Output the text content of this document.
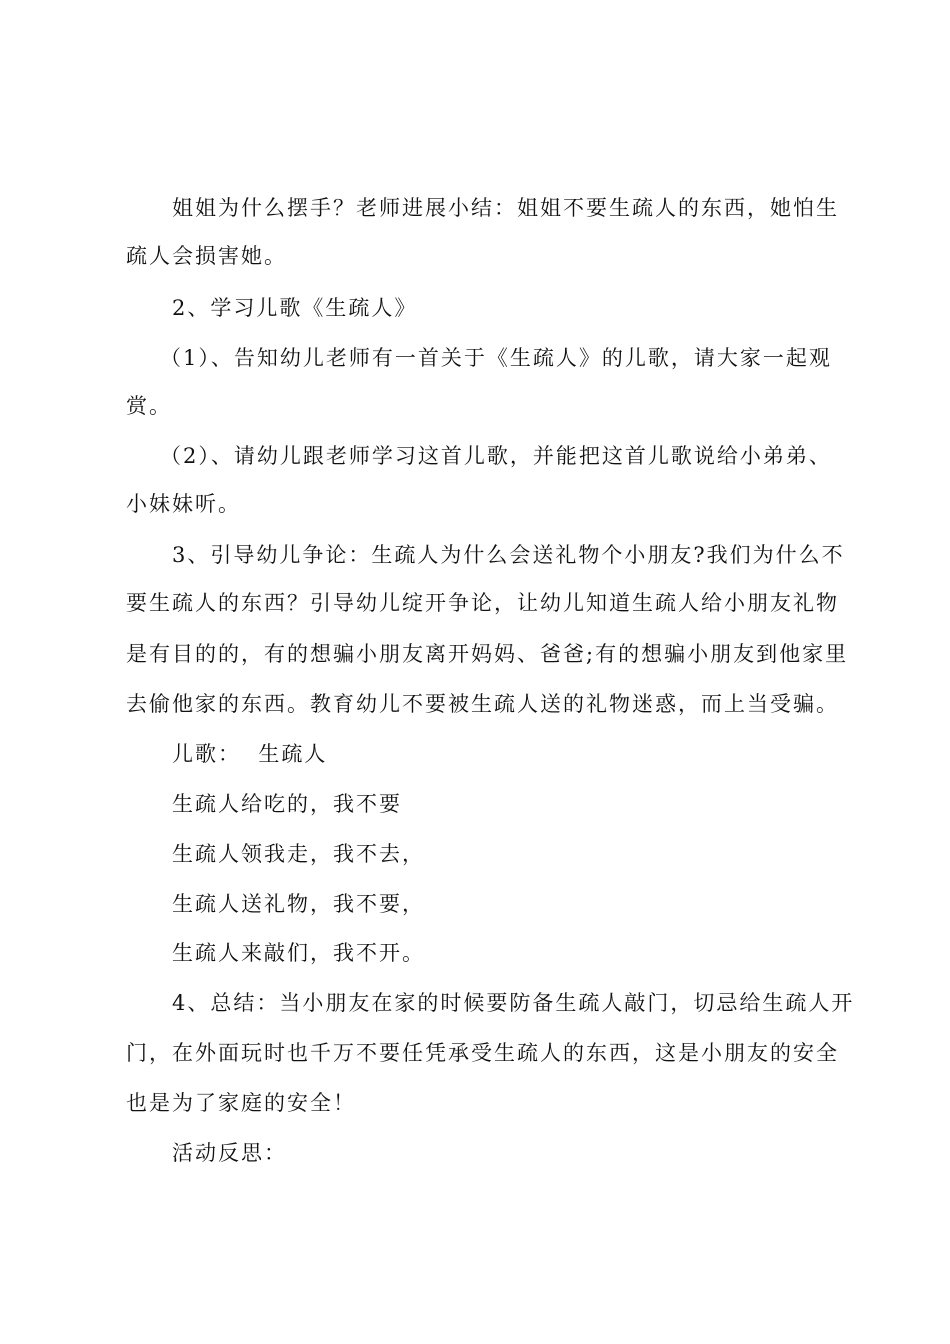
姐姐为什么摆手？老师进展小结：姐姐不要生疏人的东西，她怕生
疏人会损害她。
2、学习儿歌《生疏人》
（1）、告知幼儿老师有一首关于《生疏人》的儿歌，请大家一起观
赏。
（2）、请幼儿跟老师学习这首儿歌，并能把这首儿歌说给小弟弟、
小妹妹听。
3、引导幼儿争论：生疏人为什么会送礼物个小朋友?我们为什么不
要生疏人的东西？引导幼儿绽开争论，让幼儿知道生疏人给小朋友礼物
是有目的的，有的想骗小朋友离开妈妈、爸爸;有的想骗小朋友到他家里
去偷他家的东西。教育幼儿不要被生疏人送的礼物迷惑，而上当受骗。
儿歌：  生疏人
生疏人给吃的，我不要
生疏人领我走，我不去，
生疏人送礼物，我不要，
生疏人来敲们，我不开。
4、总结：当小朋友在家的时候要防备生疏人敲门，切忌给生疏人开
门，在外面玩时也千万不要任凭承受生疏人的东西，这是小朋友的安全
也是为了家庭的安全！
活动反思：
